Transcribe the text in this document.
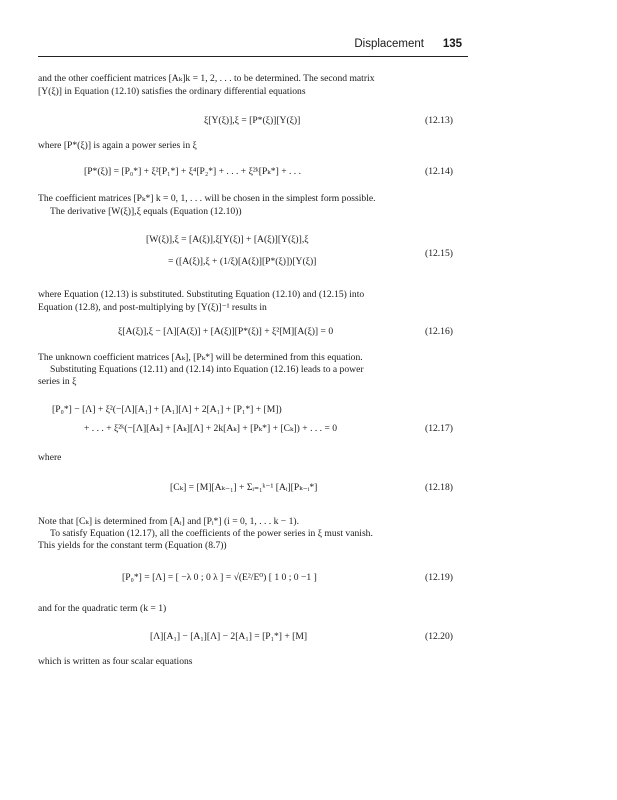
Displacement 135
and the other coefficient matrices [Aₖ]k = 1, 2, . . . to be determined. The second matrix
[Y(ξ)] in Equation (12.10) satisfies the ordinary differential equations
ξ[Y(ξ)],ξ = [P*(ξ)][Y(ξ)]	(12.13)
where [P*(ξ)] is again a power series in ξ
[P*(ξ)] = [P₀*] + ξ²[P₁*] + ξ⁴[P₂*] + . . . + ξ²ᵏ[Pₖ*] + . . .	(12.14)
The coefficient matrices [Pₖ*] k = 0, 1, . . . will be chosen in the simplest form possible.
The derivative [W(ξ)],ξ equals (Equation (12.10))
[W(ξ)],ξ = [A(ξ)],ξ[Y(ξ)] + [A(ξ)][Y(ξ)],ξ
= ([A(ξ)],ξ + (1/ξ)[A(ξ)][P*(ξ)])[Y(ξ)]
(12.15)
where Equation (12.13) is substituted. Substituting Equation (12.10) and (12.15) into
Equation (12.8), and post-multiplying by [Y(ξ)]⁻¹ results in
ξ[A(ξ)],ξ − [Λ][A(ξ)] + [A(ξ)][P*(ξ)] + ξ²[M][A(ξ)] = 0	(12.16)
The unknown coefficient matrices [Aₖ], [Pₖ*] will be determined from this equation.
Substituting Equations (12.11) and (12.14) into Equation (12.16) leads to a power
series in ξ
[P₀*] − [Λ] + ξ²(−[Λ][A₁] + [A₁][Λ] + 2[A₁] + [P₁*] + [M])
+ . . . + ξ²ᵏ(−[Λ][Aₖ] + [Aₖ][Λ] + 2k[Aₖ] + [Pₖ*] + [Cₖ]) + . . . = 0	(12.17)
where
[Cₖ] = [M][Aₖ₋₁] + Σᵢ₌₁ᵏ⁻¹ [Aᵢ][Pₖ₋ᵢ*]	(12.18)
Note that [Cₖ] is determined from [Aᵢ] and [Pᵢ*] (i = 0, 1, . . . k − 1).
To satisfy Equation (12.17), all the coefficients of the power series in ξ must vanish.
This yields for the constant term (Equation (8.7))
[P₀*] = [Λ] = [ −λ 0 ; 0 λ ] = √(E²/E⁰) [ 1 0 ; 0 −1 ]	(12.19)
and for the quadratic term (k = 1)
[Λ][A₁] − [A₁][Λ] − 2[A₁] = [P₁*] + [M]	(12.20)
which is written as four scalar equations
